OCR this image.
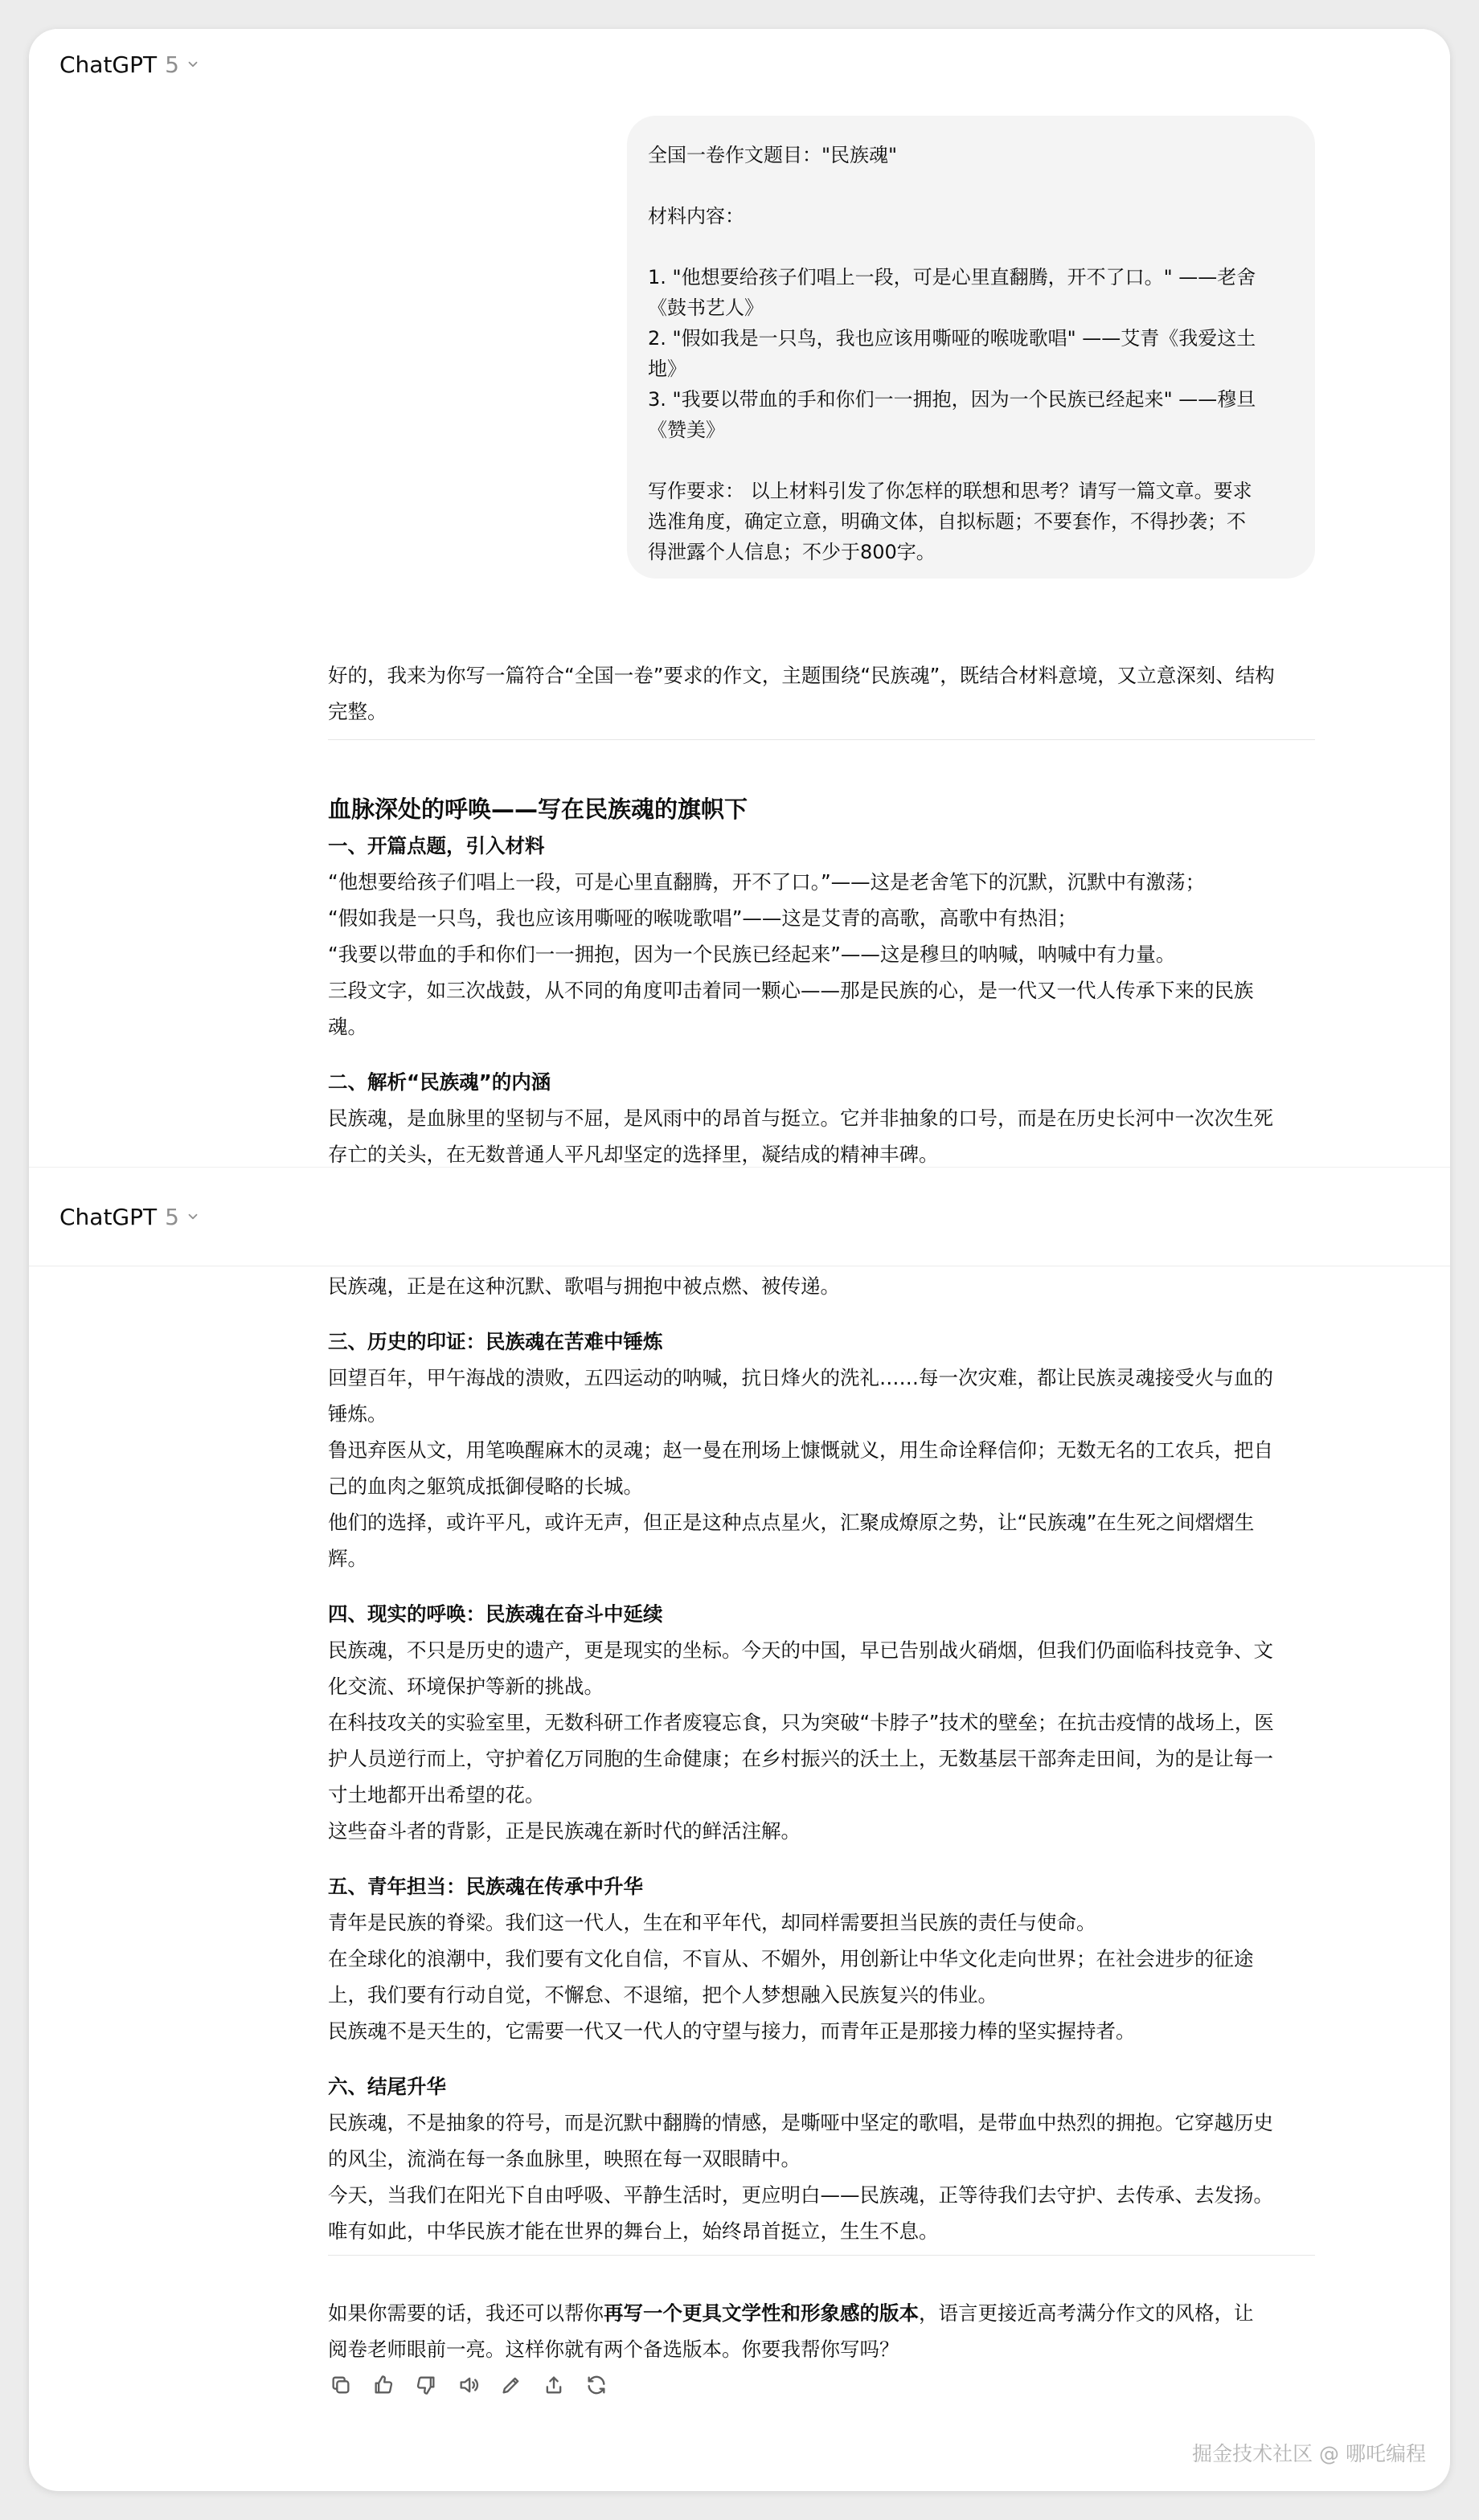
ChatGPT 5

全国一卷作文题目："民族魂"

材料内容：

1. "他想要给孩子们唱上一段，可是心里直翻腾，开不了口。" ——老舍

《鼓书艺人》

2. "假如我是一只鸟，我也应该用嘶哑的喉咙歌唱" ——艾青《我爱这土

地》

3. "我要以带血的手和你们一一拥抱，因为一个民族已经起来" ——穆旦

《赞美》

写作要求： 以上材料引发了你怎样的联想和思考？请写一篇文章。要求

选准角度，确定立意，明确文体，自拟标题；不要套作，不得抄袭；不

得泄露个人信息；不少于800字。

好的，我来为你写一篇符合“全国一卷”要求的作文，主题围绕“民族魂”，既结合材料意境，又立意深刻、结构

完整。

血脉深处的呼唤——写在民族魂的旗帜下

一、开篇点题，引入材料

“他想要给孩子们唱上一段，可是心里直翻腾，开不了口。”——这是老舍笔下的沉默，沉默中有激荡；

“假如我是一只鸟，我也应该用嘶哑的喉咙歌唱”——这是艾青的高歌，高歌中有热泪；

“我要以带血的手和你们一一拥抱，因为一个民族已经起来”——这是穆旦的呐喊，呐喊中有力量。

三段文字，如三次战鼓，从不同的角度叩击着同一颗心——那是民族的心，是一代又一代人传承下来的民族

魂。

二、解析“民族魂”的内涵

民族魂，是血脉里的坚韧与不屈，是风雨中的昂首与挺立。它并非抽象的口号，而是在历史长河中一次次生死

存亡的关头，在无数普通人平凡却坚定的选择里，凝结成的精神丰碑。

ChatGPT 5

民族魂，正是在这种沉默、歌唱与拥抱中被点燃、被传递。

三、历史的印证：民族魂在苦难中锤炼

回望百年，甲午海战的溃败，五四运动的呐喊，抗日烽火的洗礼……每一次灾难，都让民族灵魂接受火与血的

锤炼。

鲁迅弃医从文，用笔唤醒麻木的灵魂；赵一曼在刑场上慷慨就义，用生命诠释信仰；无数无名的工农兵，把自

己的血肉之躯筑成抵御侵略的长城。

他们的选择，或许平凡，或许无声，但正是这种点点星火，汇聚成燎原之势，让“民族魂”在生死之间熠熠生

辉。

四、现实的呼唤：民族魂在奋斗中延续

民族魂，不只是历史的遗产，更是现实的坐标。今天的中国，早已告别战火硝烟，但我们仍面临科技竞争、文

化交流、环境保护等新的挑战。

在科技攻关的实验室里，无数科研工作者废寝忘食，只为突破“卡脖子”技术的壁垒；在抗击疫情的战场上，医

护人员逆行而上，守护着亿万同胞的生命健康；在乡村振兴的沃土上，无数基层干部奔走田间，为的是让每一

寸土地都开出希望的花。

这些奋斗者的背影，正是民族魂在新时代的鲜活注解。

五、青年担当：民族魂在传承中升华

青年是民族的脊梁。我们这一代人，生在和平年代，却同样需要担当民族的责任与使命。

在全球化的浪潮中，我们要有文化自信，不盲从、不媚外，用创新让中华文化走向世界；在社会进步的征途

上，我们要有行动自觉，不懈怠、不退缩，把个人梦想融入民族复兴的伟业。

民族魂不是天生的，它需要一代又一代人的守望与接力，而青年正是那接力棒的坚实握持者。

六、结尾升华

民族魂，不是抽象的符号，而是沉默中翻腾的情感，是嘶哑中坚定的歌唱，是带血中热烈的拥抱。它穿越历史

的风尘，流淌在每一条血脉里，映照在每一双眼睛中。

今天，当我们在阳光下自由呼吸、平静生活时，更应明白——民族魂，正等待我们去守护、去传承、去发扬。

唯有如此，中华民族才能在世界的舞台上，始终昂首挺立，生生不息。

如果你需要的话，我还可以帮你再写一个更具文学性和形象感的版本，语言更接近高考满分作文的风格，让

阅卷老师眼前一亮。这样你就有两个备选版本。你要我帮你写吗？

掘金技术社区 @ 哪吒编程
